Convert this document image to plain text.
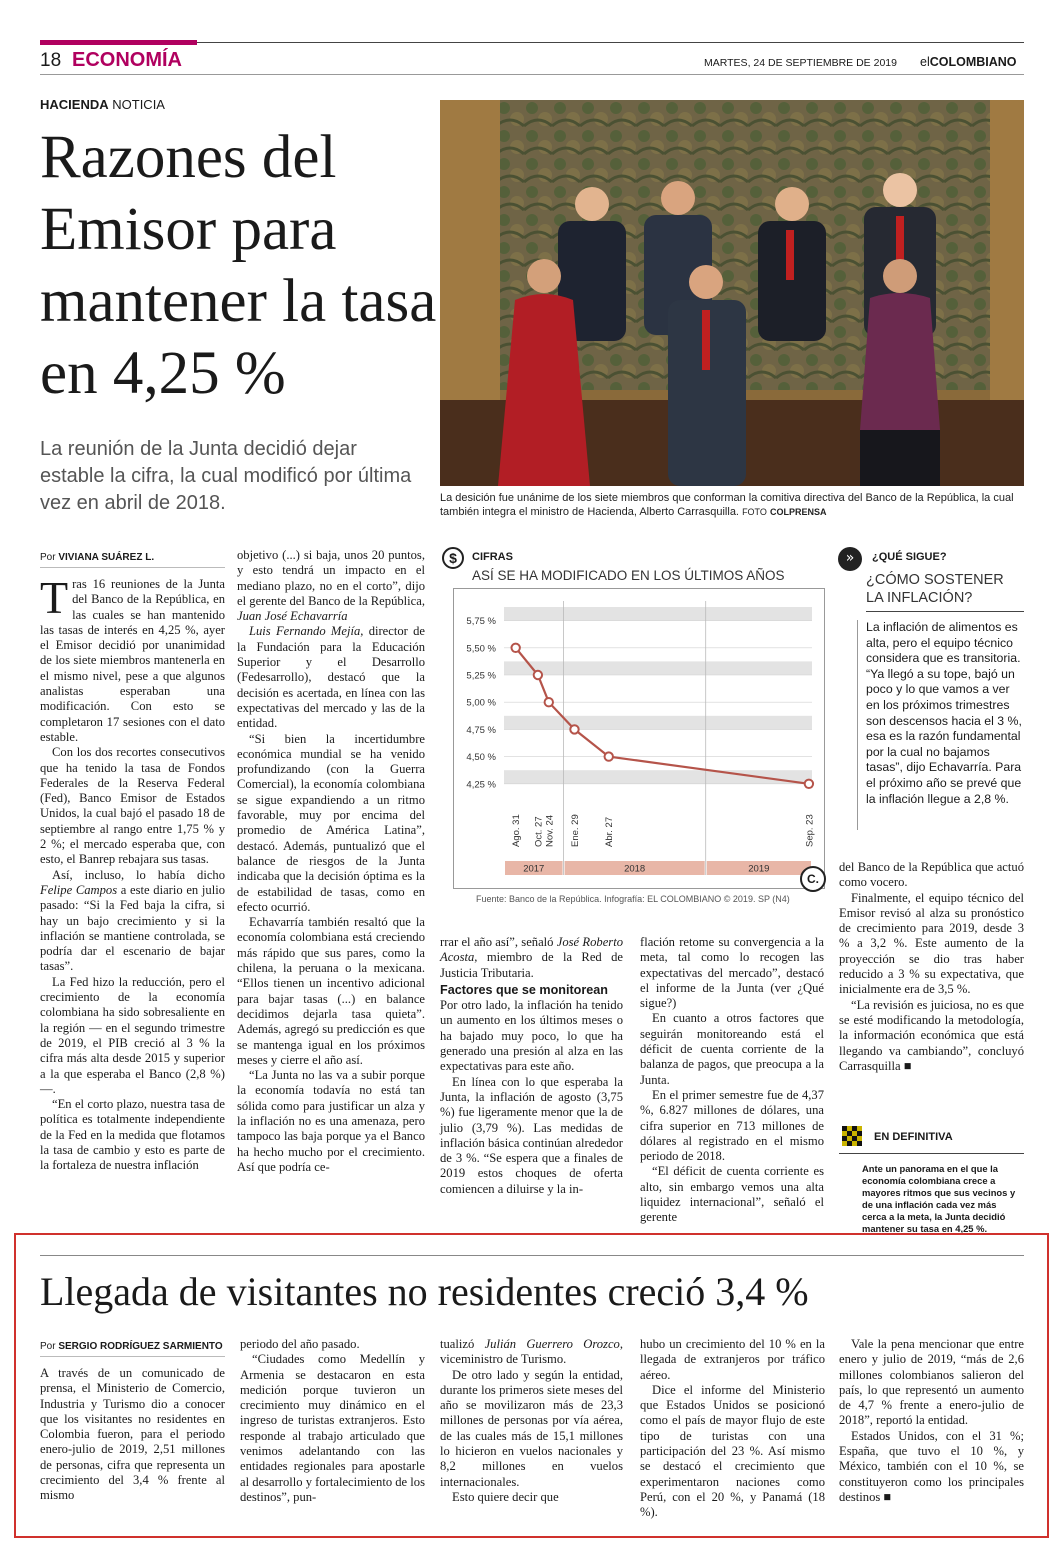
18 ECONOMÍA	MARTES, 24 DE SEPTIEMBRE DE 2019 elCOLOMBIANO
HACIENDA NOTICIA
Razones del Emisor para mantener la tasa en 4,25 %
La reunión de la Junta decidió dejar estable la cifra, la cual modificó por última vez en abril de 2018.	La desición fue unánime de los siete miembros que conforman la comitiva directiva del Banco de la República, la cual también integra el ministro de Hacienda, Alberto Carrasquilla. FOTO COLPRENSA
Por VIVIANA SUÁREZ L.

Tras 16 reuniones de la Junta del Banco de la República, en las cuales se han mantenido las tasas de interés en 4,25 %, ayer el Emisor decidió por unanimidad de los siete miembros mantenerla en el mismo nivel, pese a que algunos analistas esperaban una modificación. Con esto se completaron 17 sesiones con el dato estable.

Con los dos recortes consecutivos que ha tenido la tasa de Fondos Federales de la Reserva Federal (Fed), Banco Emisor de Estados Unidos, la cual bajó el pasado 18 de septiembre al rango entre 1,75 % y 2 %; el mercado esperaba que, con esto, el Banrep rebajara sus tasas.

Así, incluso, lo había dicho Felipe Campos a este diario en julio pasado: “Si la Fed baja la cifra, si hay un bajo crecimiento y si la inflación se mantiene controlada, se podría dar el escenario de bajar tasas”.

La Fed hizo la reducción, pero el crecimiento de la economía colombiana ha sido sobresaliente en la región — en el segundo trimestre de 2019, el PIB creció al 3 % la cifra más alta desde 2015 y superior a la que esperaba el Banco (2,8 %)—.

“En el corto plazo, nuestra tasa de política es totalmente independiente de la Fed en la medida que flotamos la tasa de cambio y esto es parte de la fortaleza de nuestra inflación

objetivo (...) si baja, unos 20 puntos, y esto tendrá un impacto en el mediano plazo, no en el corto”, dijo el gerente del Banco de la República, Juan José Echavarría

Luis Fernando Mejía, director de la Fundación para la Educación Superior y el Desarrollo (Fedesarrollo), destacó que la decisión es acertada, en línea con las expectativas del mercado y las de la entidad.

“Si bien la incertidumbre económica mundial se ha venido profundizando (con la Guerra Comercial), la economía colombiana se sigue expandiendo a un ritmo favorable, muy por encima del promedio de América Latina”, destacó. Además, puntualizó que el balance de riesgos de la Junta indicaba que la decisión óptima es la de estabilidad de tasas, como en efecto ocurrió.

Echavarría también resaltó que la economía colombiana está creciendo más rápido que sus pares, como la chilena, la peruana o la mexicana. “Ellos tienen un incentivo adicional para bajar tasas (...) en balance decidimos dejarla tasa quieta”. Además, agregó su predicción es que se mantenga igual en los próximos meses y cierre el año así.

“La Junta no las va a subir porque la economía todavía no está tan sólida como para justificar un alza y la inflación no es una amenaza, pero tampoco las baja porque ya el Banco ha hecho mucho por el crecimiento. Así que podría ce-

$	CIFRAS
ASÍ SE HA MODIFICADO EN LOS ÚLTIMOS AÑOS
5,75 %
5,50 %
5,25 %
5,00 %
4,75 %
4,50 %
4,25 %
Ago. 31 Oct. 27 Nov. 24 Ene. 29 Abr. 27	Sep. 23
2017	2018	2019
C.
Fuente: Banco de la República. Infografía: EL COLOMBIANO © 2019. SP (N4)

rrar el año así”, señaló José Roberto Acosta, miembro de la Red de Justicia Tributaria.

Factores que se monitorean

Por otro lado, la inflación ha tenido un aumento en los últimos meses o ha bajado muy poco, lo que ha generado una presión al alza en las expectativas para este año.

En línea con lo que esperaba la Junta, la inflación de agosto (3,75 %) fue ligeramente menor que la de julio (3,79 %). Las medidas de inflación básica continúan alrededor de 3 %. “Se espera que a finales de 2019 estos choques de oferta comiencen a diluirse y la in-

flación retome su convergencia a la meta, tal como lo recogen las expectativas del mercado”, destacó el informe de la Junta (ver ¿Qué sigue?)

En cuanto a otros factores que seguirán monitoreando está el déficit de cuenta corriente de la balanza de pagos, que preocupa a la Junta.

En el primer semestre fue de 4,37 %, 6.827 millones de dólares, una cifra superior en 713 millones de dólares al registrado en el mismo periodo de 2018.

“El déficit de cuenta corriente es alto, sin embargo vemos una alta liquidez internacional”, señaló el gerente

»	¿QUÉ SIGUE?
¿CÓMO SOSTENER LA INFLACIÓN?
La inflación de alimentos es alta, pero el equipo técnico considera que es transitoria. “Ya llegó a su tope, bajó un poco y lo que vamos a ver en los próximos trimestres son descensos hacia el 3 %, esa es la razón fundamental por la cual no bajamos tasas”, dijo Echavarría. Para el próximo año se prevé que la inflación llegue a 2,8 %.

del Banco de la República que actuó como vocero.

Finalmente, el equipo técnico del Emisor revisó al alza su pronóstico de crecimiento para 2019, desde 3 % a 3,2 %. Este aumento de la proyección se dio tras haber reducido a 3 % su expectativa, que inicialmente era de 3,5 %.

“La revisión es juiciosa, no es que se esté modificando la metodología, la información económica que está llegando va cambiando”, concluyó Carrasquilla ■

EN DEFINITIVA
Ante un panorama en el que la economía colombiana crece a mayores ritmos que sus vecinos y de una inflación cada vez más cerca a la meta, la Junta decidió mantener su tasa en 4,25 %.
Llegada de visitantes no residentes creció 3,4 %
Por SERGIO RODRÍGUEZ SARMIENTO

A través de un comunicado de prensa, el Ministerio de Comercio, Industria y Turismo dio a conocer que los visitantes no residentes en Colombia fueron, para el periodo enero-julio de 2019, 2,51 millones de personas, cifra que representa un crecimiento del 3,4 % frente al mismo

periodo del año pasado.

“Ciudades como Medellín y Armenia se destacaron en esta medición porque tuvieron un crecimiento muy dinámico en el ingreso de turistas extranjeros. Esto responde al trabajo articulado que venimos adelantando con las entidades regionales para apostarle al desarrollo y fortalecimiento de los destinos”, pun-

tualizó Julián Guerrero Orozco, viceministro de Turismo.

De otro lado y según la entidad, durante los primeros siete meses del año se movilizaron más de 23,3 millones de personas por vía aérea, de las cuales más de 15,1 millones lo hicieron en vuelos nacionales y 8,2 millones en vuelos internacionales.

Esto quiere decir que

hubo un crecimiento del 10 % en la llegada de extranjeros por tráfico aéreo.

Dice el informe del Ministerio que Estados Unidos se posicionó como el país de mayor flujo de este tipo de turistas con una participación del 23 %. Así mismo se destacó el crecimiento que experimentaron naciones como Perú, con el 20 %, y Panamá (18 %).

Vale la pena mencionar que entre enero y julio de 2019, “más de 2,6 millones colombianos salieron del país, lo que representó un aumento de 4,7 % frente a enero-julio de 2018”, reportó la entidad.

Estados Unidos, con el 31 %; España, que tuvo el 10 %, y México, también con el 10 %, se constituyeron como los principales destinos ■
